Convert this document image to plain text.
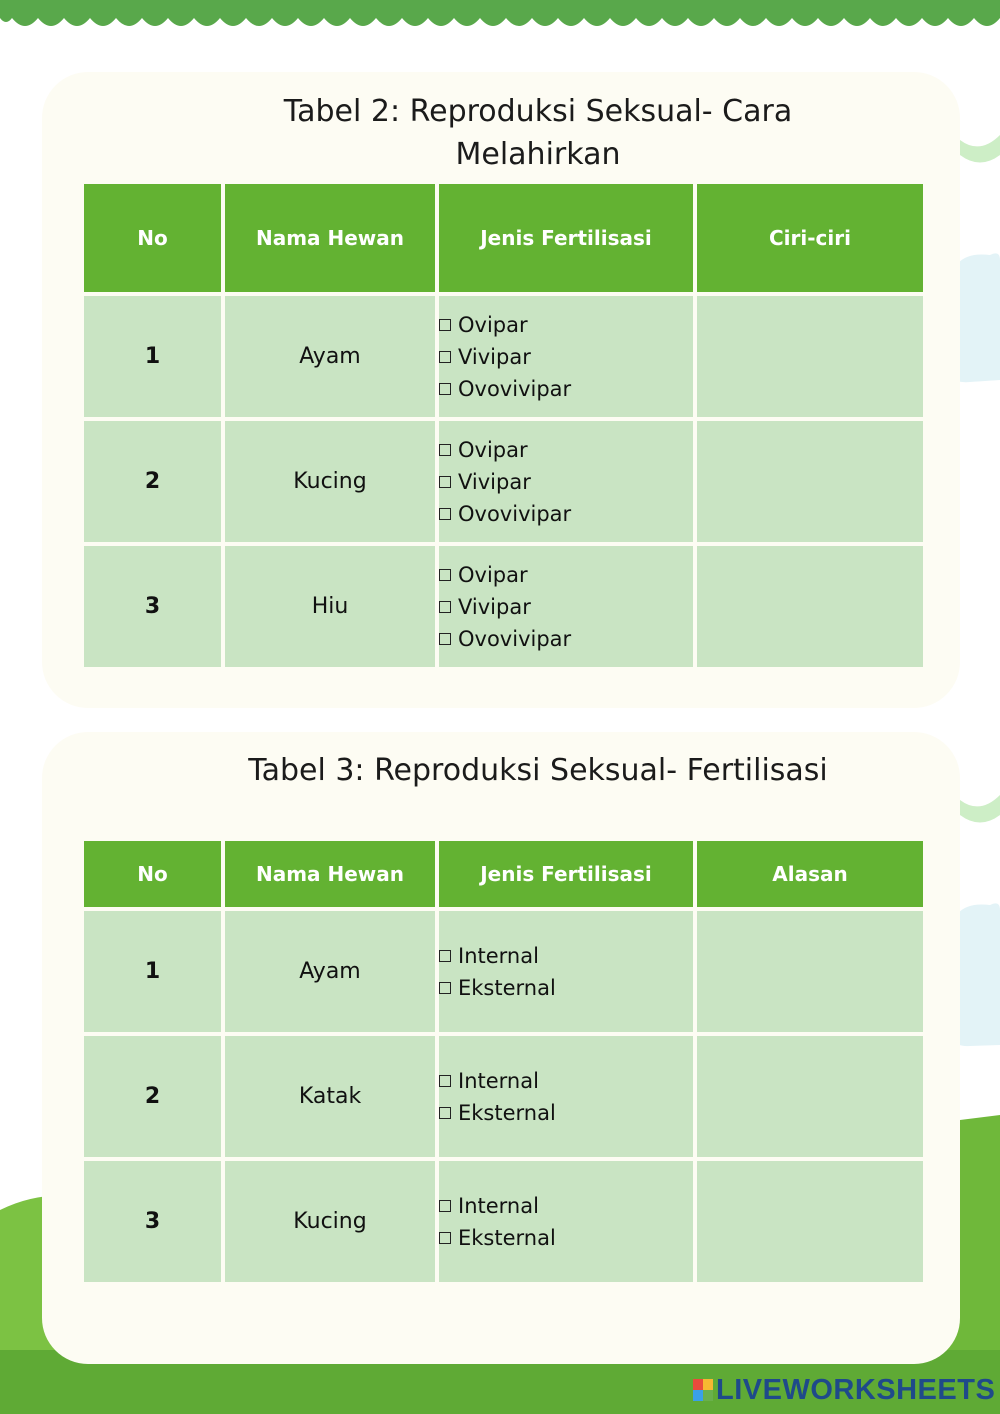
Tabel 2: Reproduksi Seksual- Cara
Melahirkan
No	Nama Hewan	Jenis Fertilisasi	Ciri-ciri
1	Ayam	Ovipar
Vivipar
Ovovivipar	

2	Kucing	Ovipar
Vivipar
Ovovivipar	

3	Hiu	Ovipar
Vivipar
Ovovivipar	

Tabel 3: Reproduksi Seksual- Fertilisasi
No	Nama Hewan	Jenis Fertilisasi	Alasan
1	Ayam	Internal
Eksternal	

2	Katak	Internal
Eksternal	

3	Kucing	Internal
Eksternal	

LIVEWORKSHEETS
